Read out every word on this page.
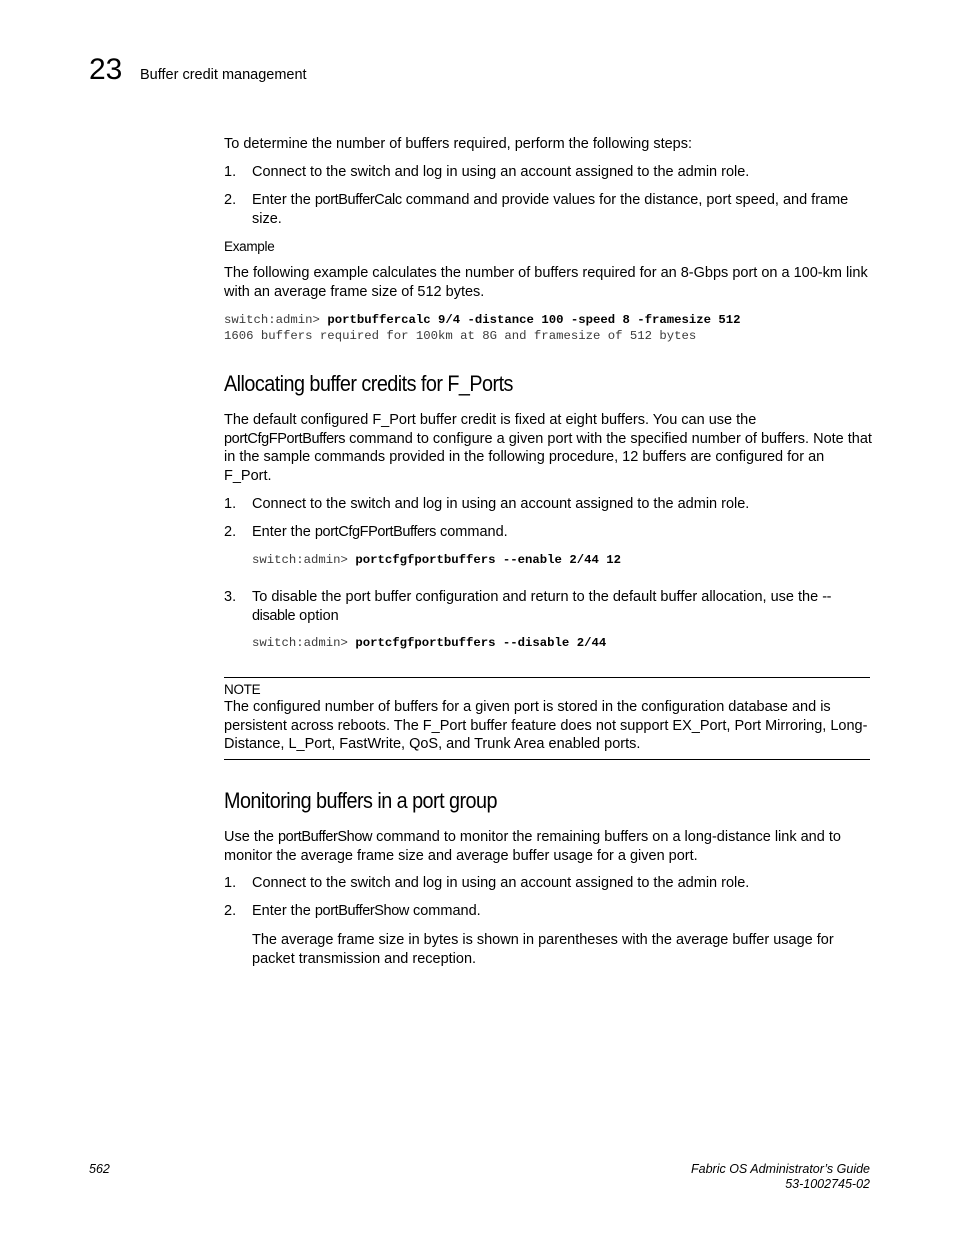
23 Buffer credit management
To determine the number of buffers required, perform the following steps:
1. Connect to the switch and log in using an account assigned to the admin role.
2. Enter the portBufferCalc command and provide values for the distance, port speed, and frame size.
Example
The following example calculates the number of buffers required for an 8-Gbps port on a 100-km link with an average frame size of 512 bytes.
switch:admin> portbuffercalc 9/4 -distance 100 -speed 8 -framesize 512
1606 buffers required for 100km at 8G and framesize of 512 bytes
Allocating buffer credits for F_Ports
The default configured F_Port buffer credit is fixed at eight buffers. You can use the portCfgFPortBuffers command to configure a given port with the specified number of buffers. Note that in the sample commands provided in the following procedure, 12 buffers are configured for an F_Port.
1. Connect to the switch and log in using an account assigned to the admin role.
2. Enter the portCfgFPortBuffers command.
switch:admin> portcfgfportbuffers --enable 2/44 12
3. To disable the port buffer configuration and return to the default buffer allocation, use the --disable option
switch:admin> portcfgfportbuffers --disable 2/44
NOTE
The configured number of buffers for a given port is stored in the configuration database and is persistent across reboots. The F_Port buffer feature does not support EX_Port, Port Mirroring, Long-Distance, L_Port, FastWrite, QoS, and Trunk Area enabled ports.
Monitoring buffers in a port group
Use the portBufferShow command to monitor the remaining buffers on a long-distance link and to monitor the average frame size and average buffer usage for a given port.
1. Connect to the switch and log in using an account assigned to the admin role.
2. Enter the portBufferShow command.
The average frame size in bytes is shown in parentheses with the average buffer usage for packet transmission and reception.
562	Fabric OS Administrator’s Guide
53-1002745-02
